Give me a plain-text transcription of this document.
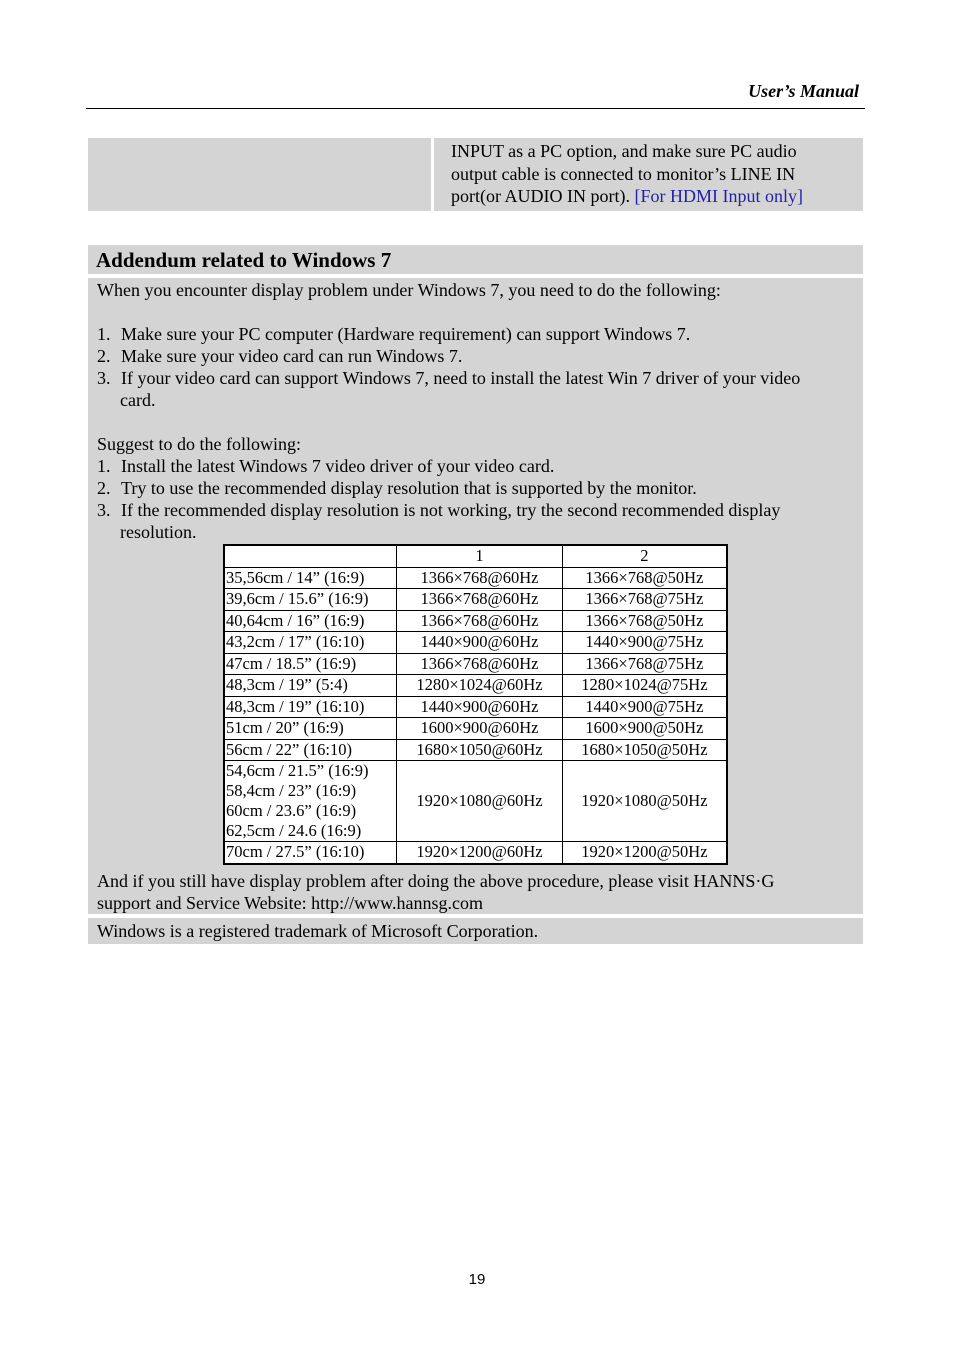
User’s Manual
INPUT as a PC option, and make sure PC audio
output cable is connected to monitor’s LINE IN
port(or AUDIO IN port). [For HDMI Input only]
Addendum related to Windows 7
When you encounter display problem under Windows 7, you need to do the following:
1. Make sure your PC computer (Hardware requirement) can support Windows 7.
2. Make sure your video card can run Windows 7.
3. If your video card can support Windows 7, need to install the latest Win 7 driver of your video
card.
Suggest to do the following:
1. Install the latest Windows 7 video driver of your video card.
2. Try to use the recommended display resolution that is supported by the monitor.
3. If the recommended display resolution is not working, try the second recommended display
resolution.
And if you still have display problem after doing the above procedure, please visit HANNS·G
support and Service Website: http://www.hannsg.com
	1	2

35,56cm / 14” (16:9)	1366×768@60Hz	1366×768@50Hz

39,6cm / 15.6” (16:9)	1366×768@60Hz	1366×768@75Hz

40,64cm / 16” (16:9)	1366×768@60Hz	1366×768@50Hz

43,2cm / 17” (16:10)	1440×900@60Hz	1440×900@75Hz

47cm / 18.5” (16:9)	1366×768@60Hz	1366×768@75Hz

48,3cm / 19” (5:4)	1280×1024@60Hz	1280×1024@75Hz

48,3cm / 19” (16:10)	1440×900@60Hz	1440×900@75Hz

51cm / 20” (16:9)	1600×900@60Hz	1600×900@50Hz

56cm / 22” (16:10)	1680×1050@60Hz	1680×1050@50Hz

54,6cm / 21.5” (16:9)
58,4cm / 23” (16:9)
60cm / 23.6” (16:9)
62,5cm / 24.6 (16:9)	1920×1080@60Hz	1920×1080@50Hz

70cm / 27.5” (16:10)	1920×1200@60Hz	1920×1200@50Hz
Windows is a registered trademark of Microsoft Corporation.
19
